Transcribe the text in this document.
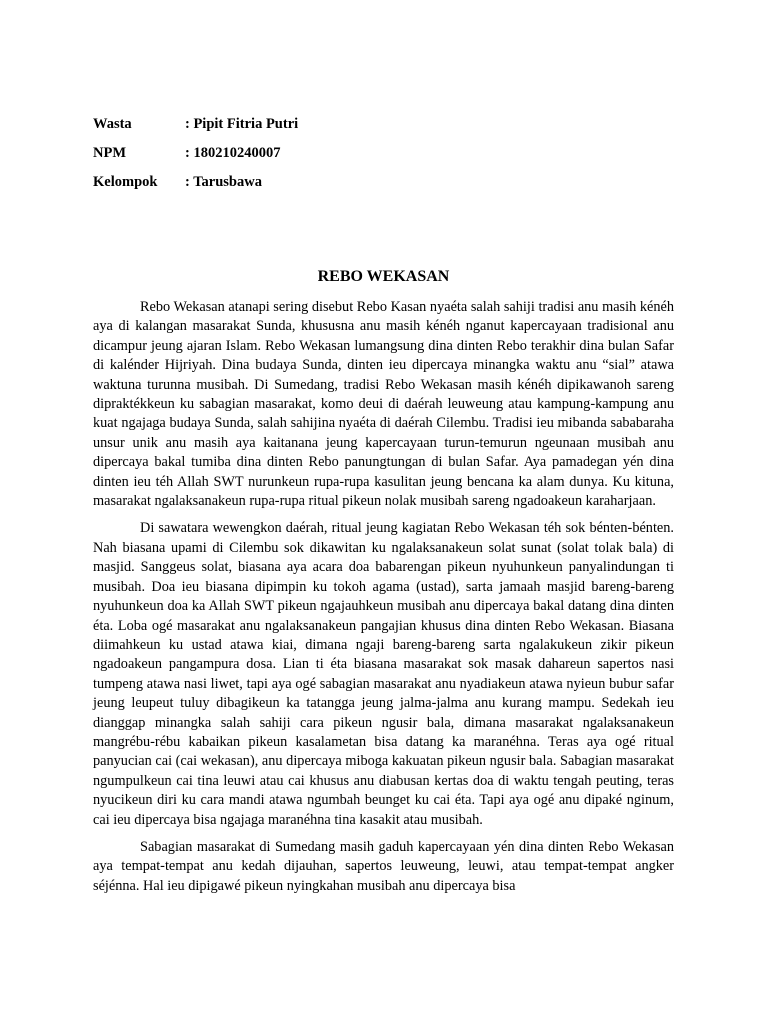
Wasta	: Pipit Fitria Putri
NPM	: 180210240007
Kelompok	: Tarusbawa
REBO WEKASAN

Rebo Wekasan atanapi sering disebut Rebo Kasan nyaéta salah sahiji tradisi anu masih kénéh aya di kalangan masarakat Sunda, khususna anu masih kénéh nganut kapercayaan tradisional anu dicampur jeung ajaran Islam. Rebo Wekasan lumangsung dina dinten Rebo terakhir dina bulan Safar di kalénder Hijriyah. Dina budaya Sunda, dinten ieu dipercaya minangka waktu anu “sial” atawa waktuna turunna musibah. Di Sumedang, tradisi Rebo Wekasan masih kénéh dipikawanoh sareng dipraktékkeun ku sabagian masarakat, komo deui di daérah leuweung atau kampung-kampung anu kuat ngajaga budaya Sunda, salah sahijina nyaéta di daérah Cilembu. Tradisi ieu mibanda sababaraha unsur unik anu masih aya kaitanana jeung kapercayaan turun-temurun ngeunaan musibah anu dipercaya bakal tumiba dina dinten Rebo panungtungan di bulan Safar. Aya pamadegan yén dina dinten ieu téh Allah SWT nurunkeun rupa-rupa kasulitan jeung bencana ka alam dunya. Ku kituna, masarakat ngalaksanakeun rupa-rupa ritual pikeun nolak musibah sareng ngadoakeun karaharjaan.

Di sawatara wewengkon daérah, ritual jeung kagiatan Rebo Wekasan téh sok bénten-bénten. Nah biasana upami di Cilembu sok dikawitan ku ngalaksanakeun solat sunat (solat tolak bala) di masjid. Sanggeus solat, biasana aya acara doa babarengan pikeun nyuhunkeun panyalindungan ti musibah. Doa ieu biasana dipimpin ku tokoh agama (ustad), sarta jamaah masjid bareng-bareng nyuhunkeun doa ka Allah SWT pikeun ngajauhkeun musibah anu dipercaya bakal datang dina dinten éta. Loba ogé masarakat anu ngalaksanakeun pangajian khusus dina dinten Rebo Wekasan. Biasana diimahkeun ku ustad atawa kiai, dimana ngaji bareng-bareng sarta ngalakukeun zikir pikeun ngadoakeun pangampura dosa. Lian ti éta biasana masarakat sok masak dahareun sapertos nasi tumpeng atawa nasi liwet, tapi aya ogé sabagian masarakat anu nyadiakeun atawa nyieun bubur safar jeung leupeut tuluy dibagikeun ka tatangga jeung jalma-jalma anu kurang mampu. Sedekah ieu dianggap minangka salah sahiji cara pikeun ngusir bala, dimana masarakat ngalaksanakeun mangrébu-rébu kabaikan pikeun kasalametan bisa datang ka maranéhna. Teras aya ogé ritual panyucian cai (cai wekasan), anu dipercaya miboga kakuatan pikeun ngusir bala. Sabagian masarakat ngumpulkeun cai tina leuwi atau cai khusus anu diabusan kertas doa di waktu tengah peuting, teras nyucikeun diri ku cara mandi atawa ngumbah beunget ku cai éta. Tapi aya ogé anu dipaké nginum, cai ieu dipercaya bisa ngajaga maranéhna tina kasakit atau musibah.

Sabagian masarakat di Sumedang masih gaduh kapercayaan yén dina dinten Rebo Wekasan aya tempat-tempat anu kedah dijauhan, sapertos leuweung, leuwi, atau tempat-tempat angker séjénna. Hal ieu dipigawé pikeun nyingkahan musibah anu dipercaya bisa
